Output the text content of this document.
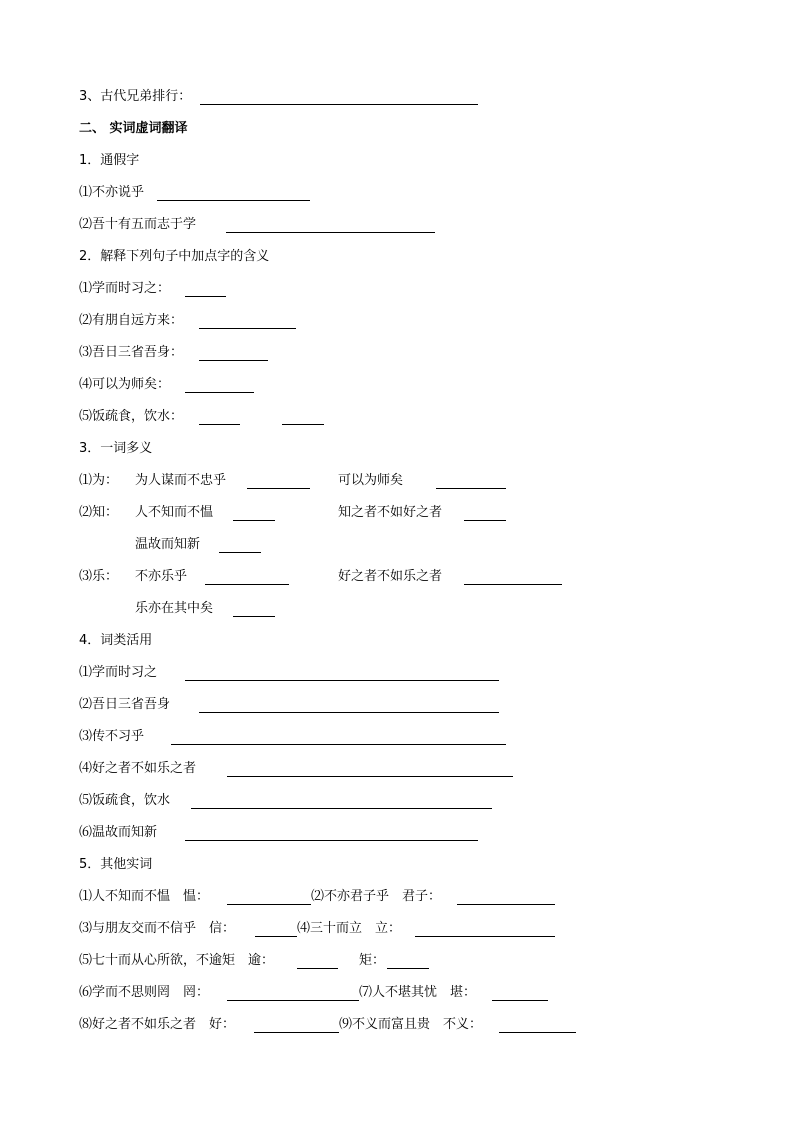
3、古代兄弟排行：
二、 实词虚词翻译
1．通假字
⑴不亦说乎
⑵吾十有五而志于学
2．解释下列句子中加点字的含义
⑴学而时习之：
⑵有朋自远方来：
⑶吾日三省吾身：
⑷可以为师矣：
⑸饭疏食，饮水：
3．一词多义
⑴为： 为人谋而不忠乎	可以为师矣
⑵知： 人不知而不愠	知之者不如好之者
温故而知新
⑶乐： 不亦乐乎	好之者不如乐之者
乐亦在其中矣
4．词类活用
⑴学而时习之
⑵吾日三省吾身
⑶传不习乎
⑷好之者不如乐之者
⑸饭疏食，饮水
⑹温故而知新
5．其他实词
⑴人不知而不愠　愠：	⑵不亦君子乎　君子：
⑶与朋友交而不信乎　信：	⑷三十而立　立：
⑸七十而从心所欲，不逾矩　逾：	矩：
⑹学而不思则罔　罔：	⑺人不堪其忧　堪：
⑻好之者不如乐之者　好：	⑼不义而富且贵　不义：
